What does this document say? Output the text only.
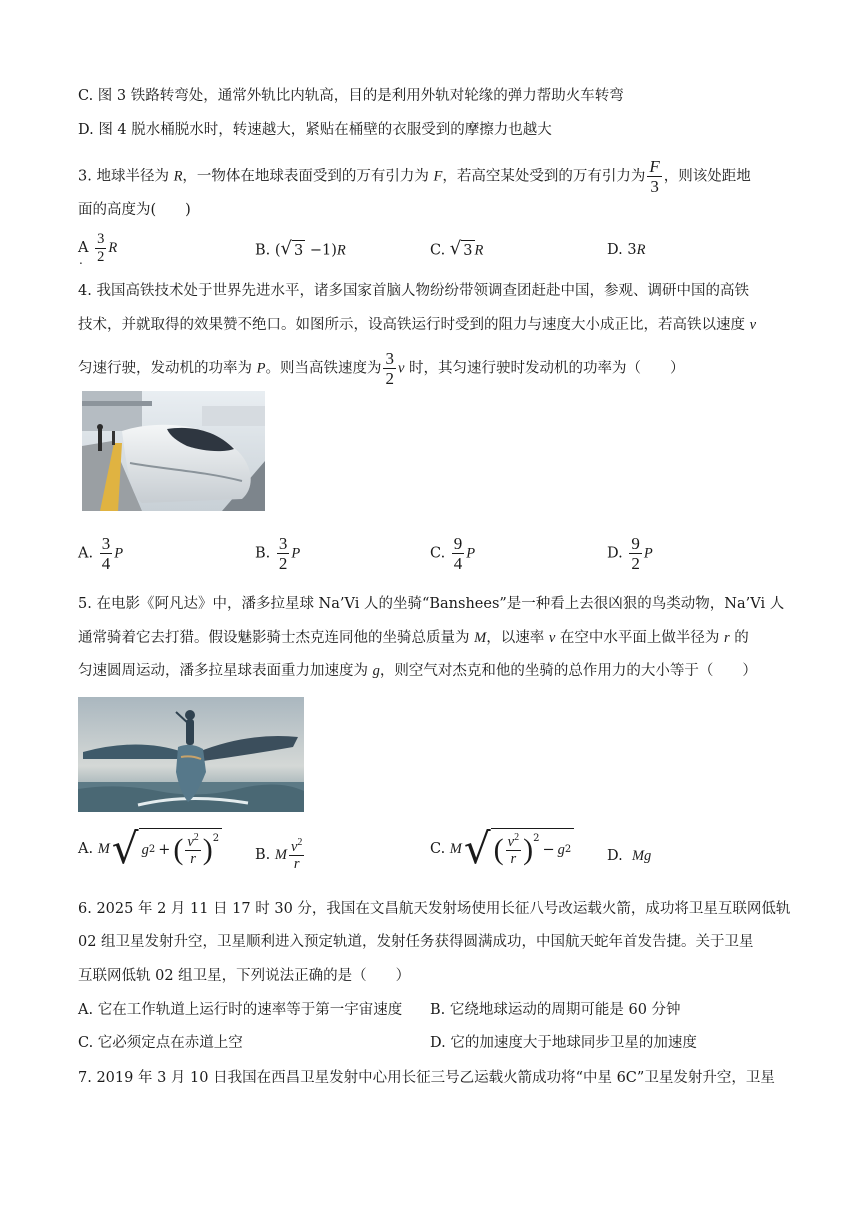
C. 图 3 铁路转弯处，通常外轨比内轨高，目的是利用外轨对轮缘的弹力帮助火车转弯
D. 图 4 脱水桶脱水时，转速越大，紧贴在桶壁的衣服受到的摩擦力也越大
3. 地球半径为 R，一物体在地球表面受到的万有引力为 F，若高空某处受到的万有引力为 $\frac{F}{3}$ ，则该处距地
面的高度为(　　)
A $\frac{3}{2}$ R
.
B. ( √ 3 −1)R	C. √ 3 R	D. 3R
4. 我国高铁技术处于世界先进水平，诸多国家首脑人物纷纷带领调查团赶赴中国，参观、调研中国的高铁
技术，并就取得的效果赞不绝口。如图所示，设高铁运行时受到的阻力与速度大小成正比，若高铁以速度 v
匀速行驶，发动机的功率为 P。则当高铁速度为 $\frac{3}{2}$ v 时，其匀速行驶时发动机的功率为（　　）
A. $\frac{3}{4}$ P	B. $\frac{3}{2}$ P	C. $\frac{9}{4}$ P	D. $\frac{9}{2}$ P
5. 在电影《阿凡达》中，潘多拉星球 Na’Vi 人的坐骑“Banshees”是一种看上去很凶狠的鸟类动物，Na’Vi 人
通常骑着它去打猎。假设魅影骑士杰克连同他的坐骑总质量为 M，以速率 v 在空中水平面上做半径为 r 的
匀速圆周运动，潘多拉星球表面重力加速度为 g，则空气对杰克和他的坐骑的总作用力的大小等于（　　）
A.
M √ g 2 + ( $\frac{v^2}{r}$ ) 2
B.
M $\frac{v^2}{r}$	C.
M √ ( $\frac{v^2}{r}$ ) 2
− g 2 D. Mg
6. 2025 年 2 月 11 日 17 时 30 分，我国在文昌航天发射场使用长征八号改运载火箭，成功将卫星互联网低轨
02 组卫星发射升空，卫星顺利进入预定轨道，发射任务获得圆满成功，中国航天蛇年首发告捷。关于卫星
互联网低轨 02 组卫星，下列说法正确的是（　　）
A. 它在工作轨道上运行时的速率等于第一宇宙速度 B. 它绕地球运动的周期可能是 60 分钟
C. 它必须定点在赤道上空	D. 它的加速度大于地球同步卫星的加速度
7. 2019 年 3 月 10 日我国在西昌卫星发射中心用长征三号乙运载火箭成功将“中星 6C”卫星发射升空，卫星
